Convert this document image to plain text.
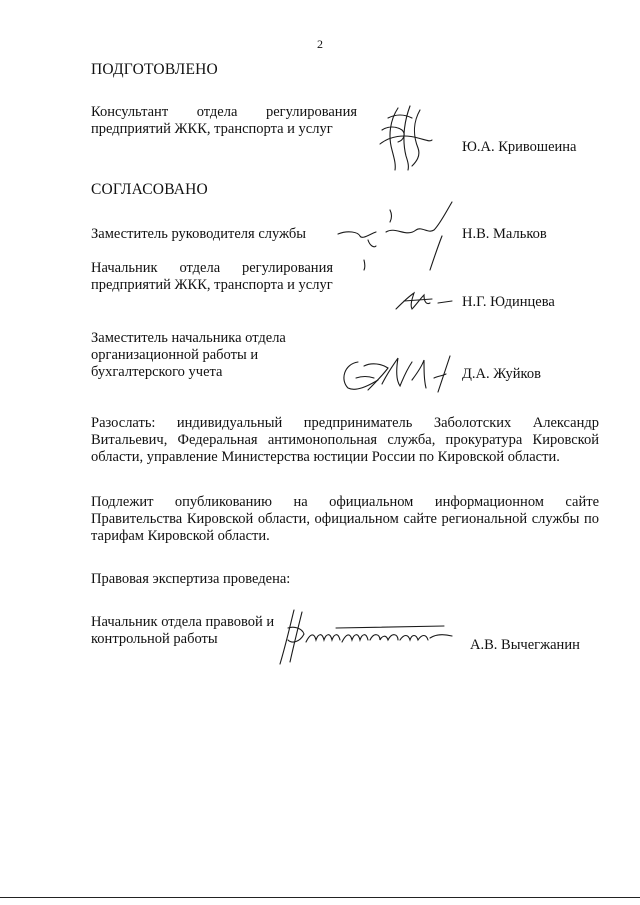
2
ПОДГОТОВЛЕНО
Консультант отдела регулирования предприятий ЖКК, транспорта и услуг
Ю.А. Кривошеина
СОГЛАСОВАНО
Заместитель руководителя службы	Н.В. Мальков
Начальник отдела регулирования предприятий ЖКК, транспорта и услуг
Н.Г. Юдинцева
Заместитель начальника отдела организационной работы и бухгалтерского учета	Д.А. Жуйков
Разослать: индивидуальный предприниматель Заболотских Александр Витальевич, Федеральная антимонопольная служба, прокуратура Кировской области, управление Министерства юстиции России по Кировской области.
Подлежит опубликованию на официальном информационном сайте Правительства Кировской области, официальном сайте региональной службы по тарифам Кировской области.
Правовая экспертиза проведена:
Начальник отдела правовой и контрольной работы	А.В. Вычегжанин
